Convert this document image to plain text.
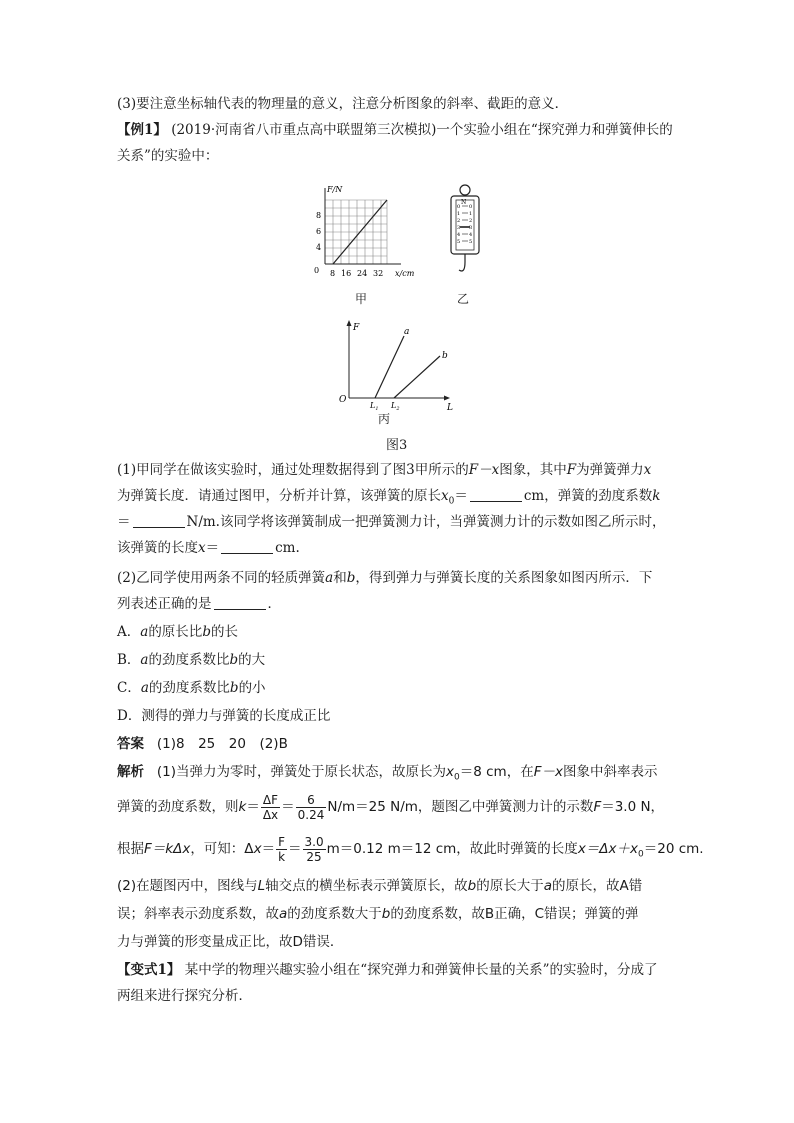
(3)要注意坐标轴代表的物理量的意义，注意分析图象的斜率、截距的意义．
【例1】 (2019·河南省八市重点高中联盟第三次模拟)一个实验小组在“探究弹力和弹簧伸长的
关系”的实验中：
F/N
8
6
4
0 8 16 24 32 x/cm
甲
N
0
1
2
3
4
5
0
1
2
3
4
5
乙
F
O
a
b
$L_1$ $L_2$	L
丙
图3
(1)甲同学在做该实验时，通过处理数据得到了图3甲所示的F－x图象，其中F为弹簧弹力x
为弹簧长度．请通过图甲，分析并计算，该弹簧的原长$x_0=$	cm，弹簧的劲度系数k
＝	N/m.该同学将该弹簧制成一把弹簧测力计，当弹簧测力计的示数如图乙所示时，
该弹簧的长度x＝	cm.
(2)乙同学使用两条不同的轻质弹簧a和b，得到弹力与弹簧长度的关系图象如图丙所示．下
列表述正确的是	．
A．a的原长比b的长
B．a的劲度系数比b的大
C．a的劲度系数比b的小
D．测得的弹力与弹簧的长度成正比
答案 (1)8　25　20　(2)B
解析 (1)当弹力为零时，弹簧处于原长状态，故原长为$x_0=8$ cm，在F－x图象中斜率表示
弹簧的劲度系数，则$k= \frac{\Delta F}{\Delta x} = \frac{6}{0.24} N/m=25$ N/m，题图乙中弹簧测力计的示数F＝3.0 N，
根据F＝kΔx，可知：$\Delta x= \frac{F}{k} = \frac{3.0}{25} m=0.12$ m＝12 cm，故此时弹簧的长度$x=\Delta x+x_0=20$ cm.
(2)在题图丙中，图线与L轴交点的横坐标表示弹簧原长，故b的原长大于a的原长，故A错
误；斜率表示劲度系数，故a的劲度系数大于b的劲度系数，故B正确，C错误；弹簧的弹
力与弹簧的形变量成正比，故D错误．
【变式1】 某中学的物理兴趣实验小组在“探究弹力和弹簧伸长量的关系”的实验时，分成了
两组来进行探究分析．
